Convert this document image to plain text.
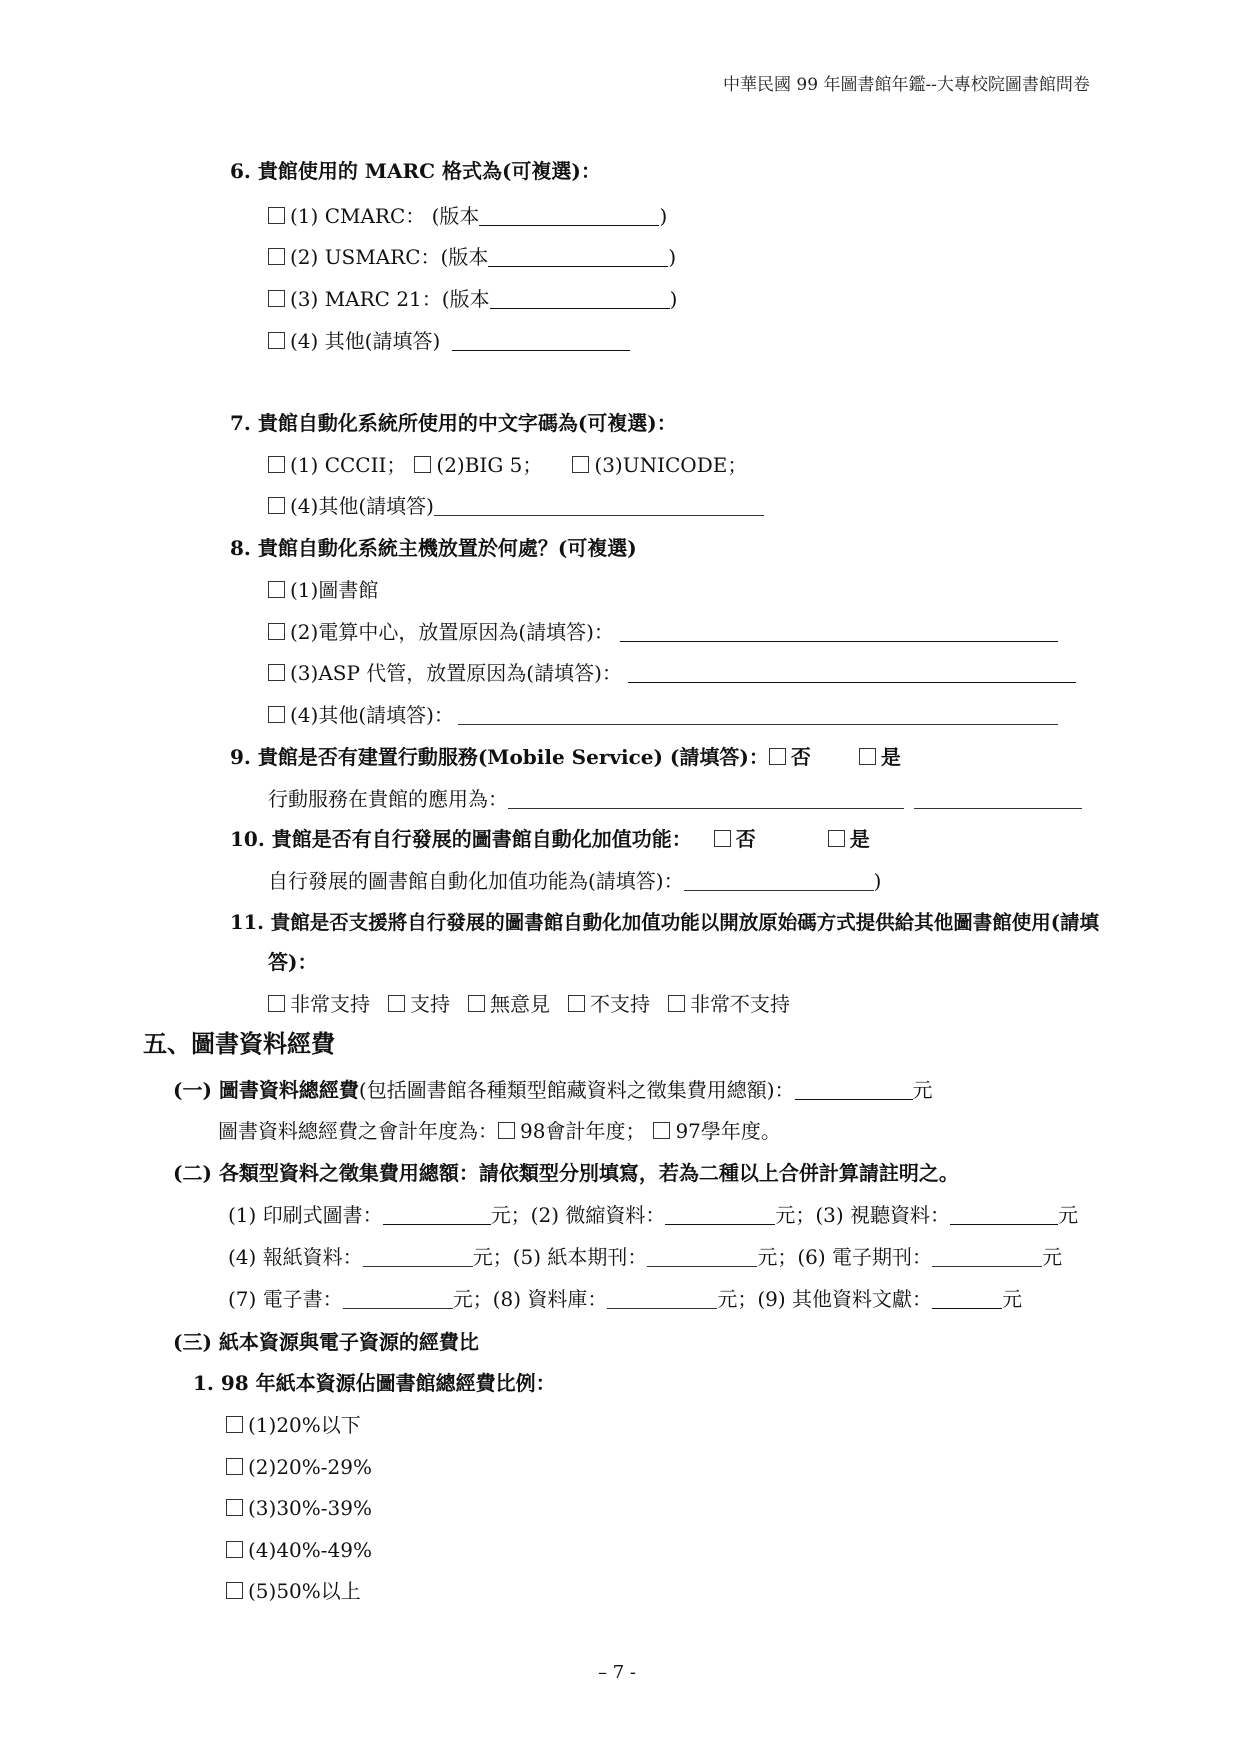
中華民國 99 年圖書館年鑑--大專校院圖書館問卷
6. 貴館使用的 MARC 格式為(可複選)：
(1) CMARC： (版本	)
(2) USMARC：(版本	)
(3) MARC 21：(版本	)
(4) 其他(請填答)
7. 貴館自動化系統所使用的中文字碼為(可複選)：
(1) CCCII； (2)BIG 5；	(3)UNICODE；
(4)其他(請填答)
8. 貴館自動化系統主機放置於何處？(可複選)
(1)圖書館
(2)電算中心，放置原因為(請填答)：
(3)ASP 代管，放置原因為(請填答)：
(4)其他(請填答)：
9. 貴館是否有建置行動服務(Mobile Service) (請填答)： 否	是
行動服務在貴館的應用為：
10. 貴館是否有自行發展的圖書館自動化加值功能： 否	是
自行發展的圖書館自動化加值功能為(請填答)：	)
11. 貴館是否支援將自行發展的圖書館自動化加值功能以開放原始碼方式提供給其他圖書館使用(請填
答)：
非常支持 支持 無意見 不支持 非常不支持
五、圖書資料經費
(一) 圖書資料總經費(包括圖書館各種類型館藏資料之徵集費用總額)：	元
圖書資料總經費之會計年度為： 98會計年度； 97學年度。
(二) 各類型資料之徵集費用總額：請依類型分別填寫，若為二種以上合併計算請註明之。
(1) 印刷式圖書：	元；(2) 微縮資料：	元；(3) 視聽資料：	元
(4) 報紙資料：	元；(5) 紙本期刊：	元；(6) 電子期刊：	元
(7) 電子書：	元；(8) 資料庫：	元；(9) 其他資料文獻：	元
(三) 紙本資源與電子資源的經費比
1. 98 年紙本資源佔圖書館總經費比例：
(1)20%以下
(2)20%-29%
(3)30%-39%
(4)40%-49%
(5)50%以上
– 7 -
